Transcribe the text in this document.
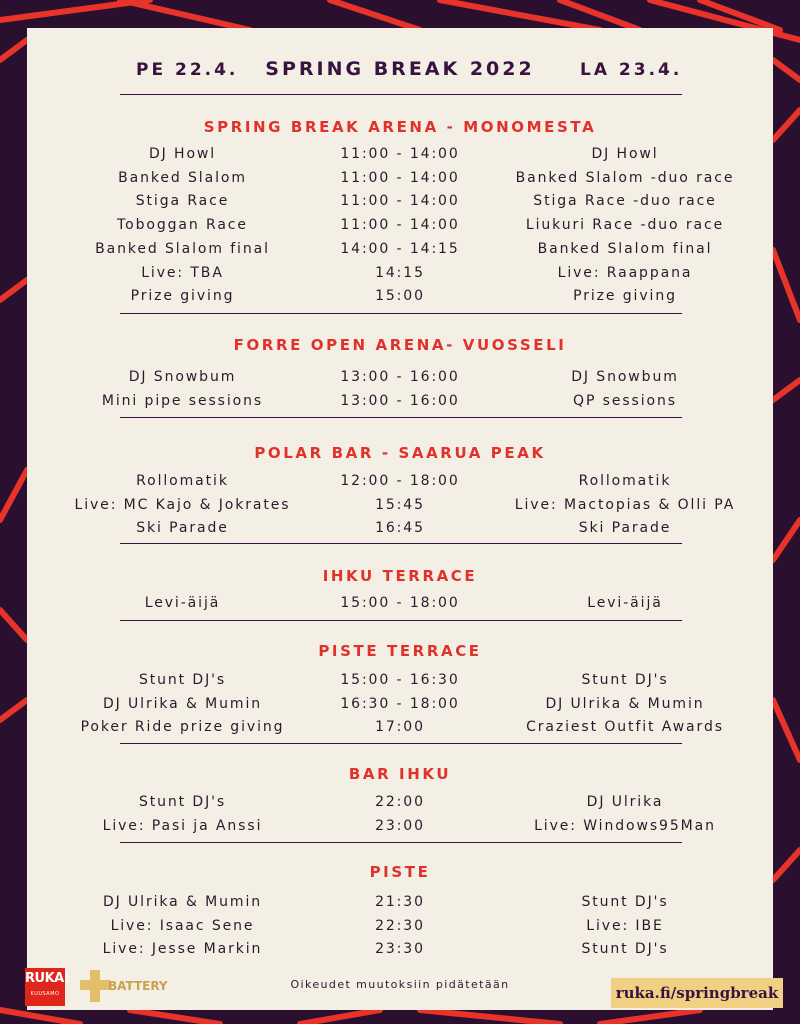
PE 22.4.	SPRING BREAK 2022	LA 23.4.
SPRING BREAK ARENA - MONOMESTA
DJ Howl	11:00 - 14:00	DJ Howl
Banked Slalom	11:00 - 14:00	Banked Slalom -duo race
Stiga Race	11:00 - 14:00	Stiga Race -duo race
Toboggan Race	11:00 - 14:00	Liukuri Race -duo race
Banked Slalom final	14:00 - 14:15	Banked Slalom final
Live: TBA	14:15	Live: Raappana
Prize giving	15:00	Prize giving
FORRE OPEN ARENA- VUOSSELI
DJ Snowbum	13:00 - 16:00	DJ Snowbum
Mini pipe sessions	13:00 - 16:00	QP sessions
POLAR BAR - SAARUA PEAK
Rollomatik	12:00 - 18:00	Rollomatik
Live: MC Kajo & Jokrates	15:45	Live: Mactopias & Olli PA
Ski Parade	16:45	Ski Parade
IHKU TERRACE
Levi-äijä	15:00 - 18:00	Levi-äijä
PISTE TERRACE
Stunt DJ's	15:00 - 16:30	Stunt DJ's
DJ Ulrika & Mumin	16:30 - 18:00	DJ Ulrika & Mumin
Poker Ride prize giving	17:00	Craziest Outfit Awards
BAR IHKU
Stunt DJ's	22:00	DJ Ulrika
Live: Pasi ja Anssi	23:00	Live: Windows95Man
PISTE
DJ Ulrika & Mumin	21:30	Stunt DJ's
Live: Isaac Sene	22:30	Live: IBE
Live: Jesse Markin	23:30	Stunt DJ's
RUKA!
KUUSAMO
BATTERY	Oikeudet muutoksiin pidätetään	ruka.fi/springbreak
